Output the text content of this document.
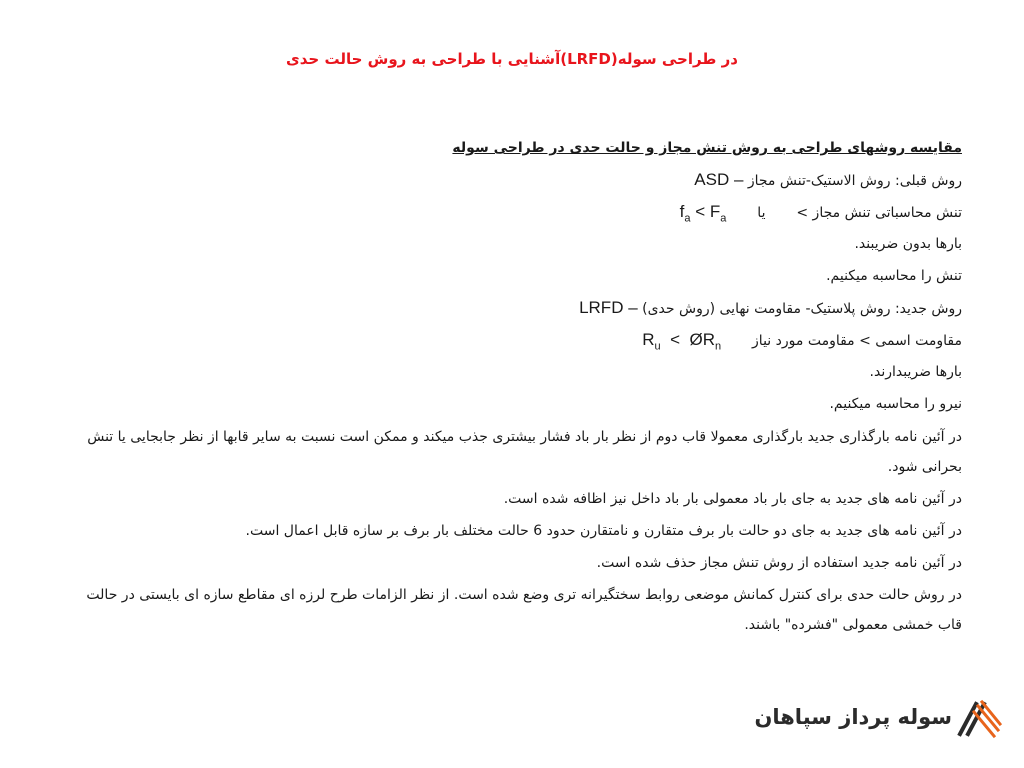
در طراحی سوله(LRFD)آشنایی با طراحی به روش حالت حدی
مقایسه روشهای طراحی به روش تنش مجاز و حالت حدی در طراحی سوله
روش قبلی: روش الاستیک-تنش مجاز ASD –
تنش محاسباتی تنش مجاز >  یا  $f_a < F_a$
بارها بدون ضریبند.
تنش را محاسبه میکنیم.
روش جدید: روش پلاستیک- مقاومت نهایی (روش حدی) LRFD –
مقاومت اسمی > مقاومت مورد نیاز  $R_u$ < $ØR_n$
بارها ضریبدارند.
نیرو را محاسبه میکنیم.
در آئین نامه بارگذاری جدید بارگذاری معمولا قاب دوم از نظر بار باد فشار بیشتری جذب میکند و ممکن است نسبت به سایر قابها از نظر جابجایی یا تنش بحرانی شود.
در آئین نامه های جدید به جای بار باد معمولی بار باد داخل نیز اظافه شده است.
در آئین نامه های جدید به جای دو حالت بار برف متقارن و نامتقارن حدود 6 حالت مختلف بار برف بر سازه قابل اعمال است.
در آئین نامه جدید استفاده از روش تنش مجاز حذف شده است.
در روش حالت حدی برای کنترل کمانش موضعی روابط سختگیرانه تری وضع شده است. از نظر الزامات طرح لرزه ای مقاطع سازه ای بایستی در حالت قاب خمشی معمولی "فشرده" باشند.
سوله پرداز سپاهان
